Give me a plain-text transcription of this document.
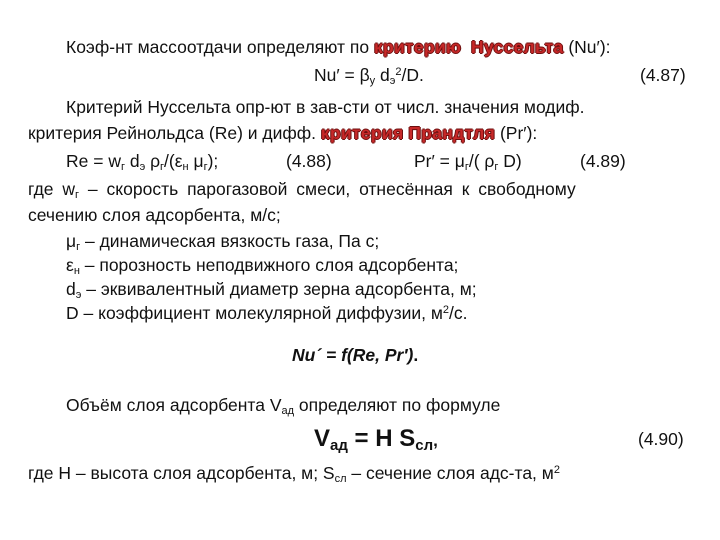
Коэф-нт массоотдачи определяют по критерию Нуссельта (Nu′):
$Nu' = \beta_у$ $d_э^2/D$.	(4.87)
Критерий Нуссельта опр-ют в зав-сти от числ. значения модиф.
критерия Рейнольдса (Re) и дифф. критерия Прандтля (Pr′):
$Re = w_г$ $d_э$ $\rho_г/(\varepsilon_н$ $\mu_г$);	(4.88)	$Pr' = \mu_г/$( $\rho_г$ D)	(4.89)
где $w_г$ – скорость парогазовой смеси, отнесённая к свободному
сечению слоя адсорбента, м/с;
$\mu_г$ – динамическая вязкость газа, Па с;
$\varepsilon_н$ – порозность неподвижного слоя адсорбента;
$d_э$ – эквивалентный диаметр зерна адсорбента, м;
D – коэффициент молекулярной диффузии, $м^2/с$.
Nu´ = f(Re, Pr′).
Объём слоя адсорбента $V_{ад}$ определяют по формуле
$V_{ад} = H$ $S_{сл}$,	(4.90)
где H – высота слоя адсорбента, м; $S_{сл}$ – сечение слоя адс-та, $м^2$
